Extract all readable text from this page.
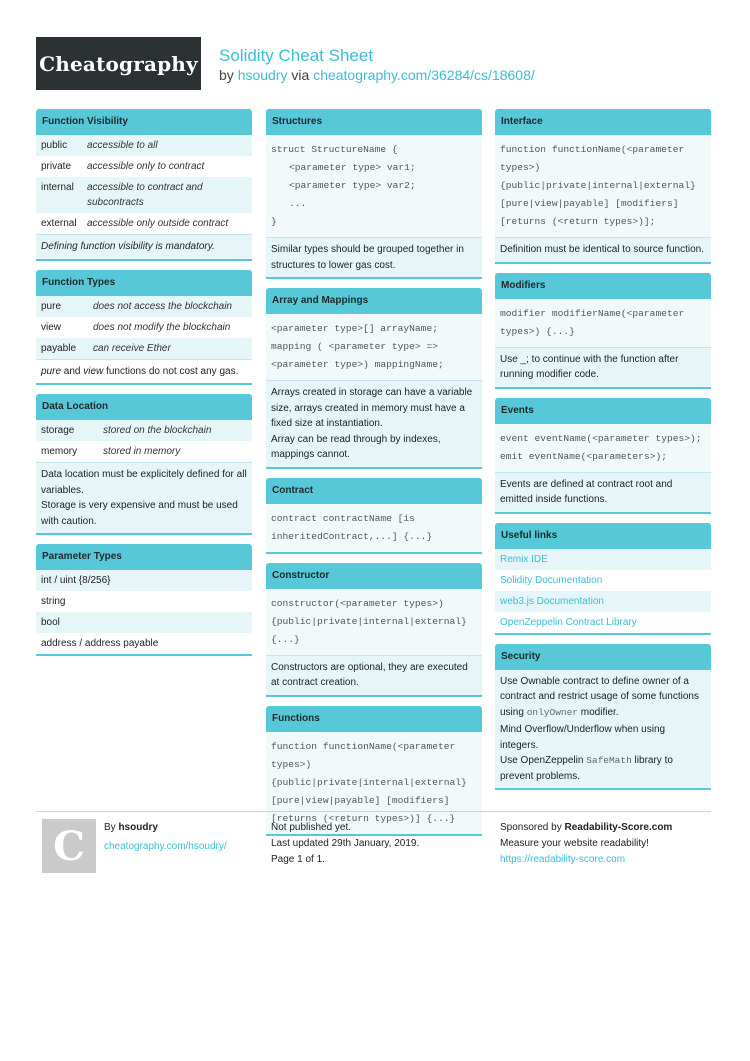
Cheatography Solidity Cheat Sheet
by hsoudry via cheatography.com/36284/cs/18608/
Function Visibility
public	accessible to all
private	accessible only to contract
internal	accessible to contract and subcontracts
external	accessible only outside contract
Defining function visibility is mandatory.
Function Types
pure	does not access the blockchain
view	does not modify the blockchain
payable	can receive Ether
pure and view functions do not cost any gas.
Data Location
storage	stored on the blockchain
memory	stored in memory
Data location must be explicitely defined for all variables.
Storage is very expensive and must be used with caution.
Parameter Types
int / uint {8/256}
string
bool
address / address payable
Structures
struct StructureName {
<parameter type> var1;
<parameter type> var2;
...
}
Similar types should be grouped together in structures to lower gas cost.
Array and Mappings
<parameter type>[] arrayName;
mapping ( <parameter type> =>
<parameter type>) mappingName;
Arrays created in storage can have a variable size, arrays created in memory must have a fixed size at instantiation.
Array can be read through by indexes, mappings cannot.
Contract
contract contractName [is
inheritedContract,...] {...}
Constructor
constructor(<parameter types>)
{public|private|internal|external}
{...}
Constructors are optional, they are executed at contract creation.
Functions
function functionName(<parameter
types>)
{public|private|internal|external}
[pure|view|payable] [modifiers]
[returns (<return types>)] {...}
Interface
function functionName(<parameter
types>)
{public|private|internal|external}
[pure|view|payable] [modifiers]
[returns (<return types>)];
Definition must be identical to source function.
Modifiers
modifier modifierName(<parameter
types>) {...}
Use _; to continue with the function after running modifier code.
Events
event eventName(<parameter types>);
emit eventName(<parameters>);
Events are defined at contract root and emitted inside functions.
Useful links
Remix IDE
Solidity Documentation
web3.js Documentation
OpenZeppelin Contract Library
Security
Use Ownable contract to define owner of a contract and restrict usage of some functions using onlyOwner modifier.
Mind Overflow/Underflow when using integers.
Use OpenZeppelin SafeMath library to prevent problems.
C	By hsoudry
cheatography.com/hsoudry/
Not published yet.
Last updated 29th January, 2019.
Page 1 of 1.
Sponsored by Readability-Score.com
Measure your website readability!
https://readability-score.com
